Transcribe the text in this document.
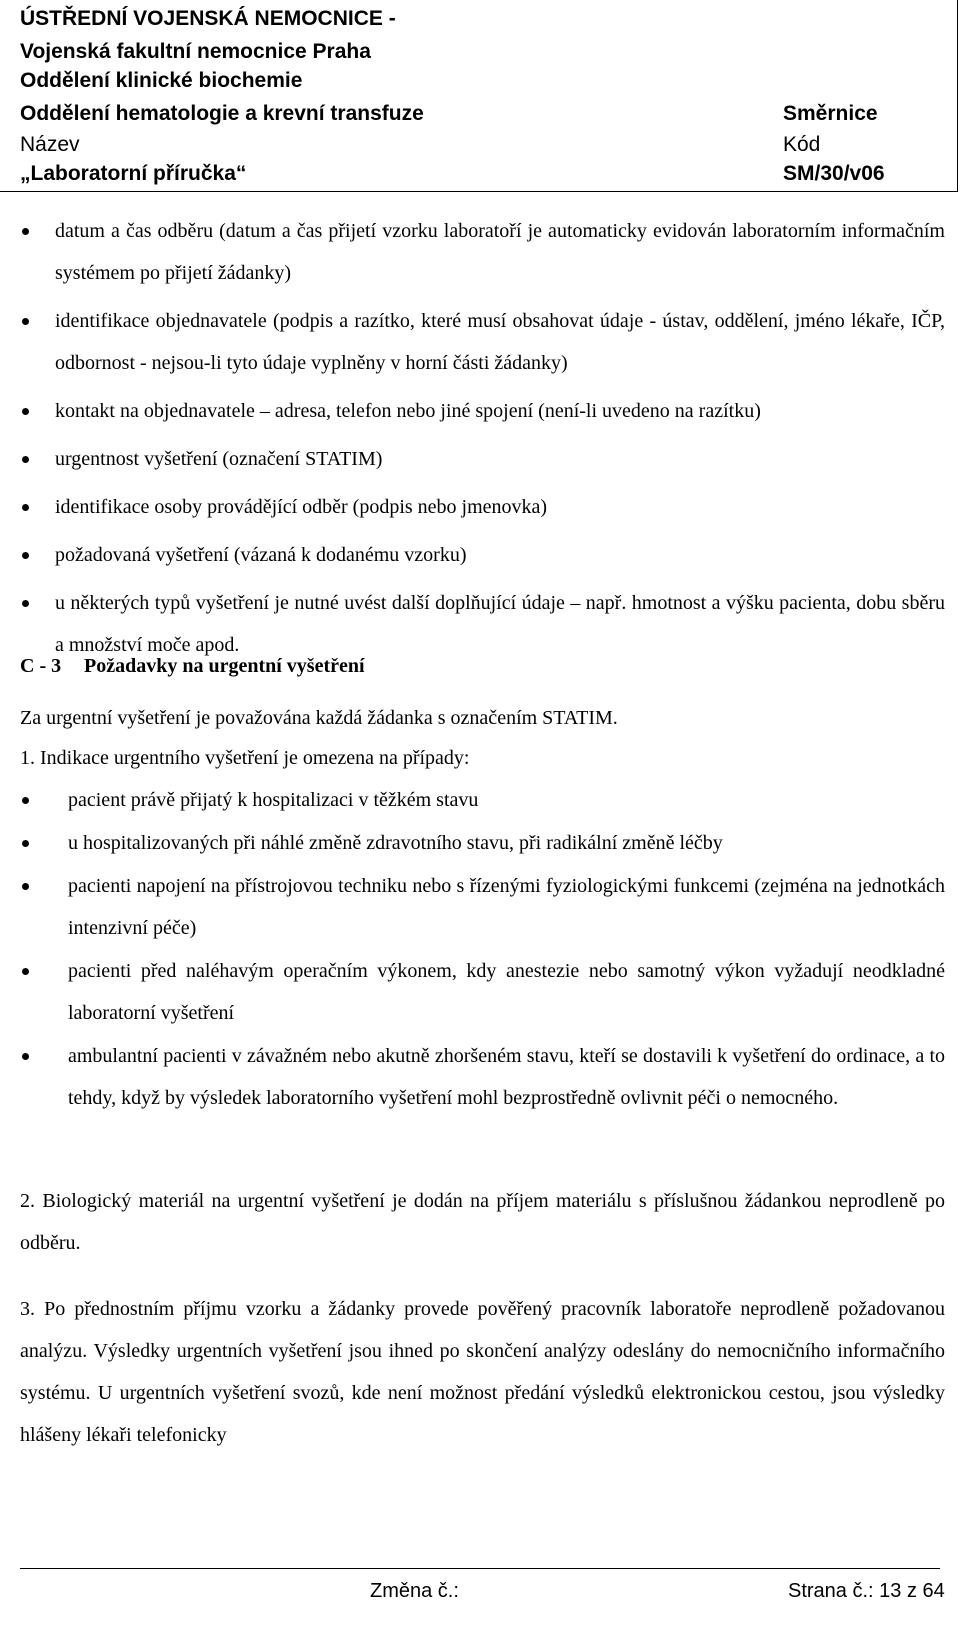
ÚSTŘEDNÍ VOJENSKÁ NEMOCNICE -
Vojenská fakultní nemocnice Praha
Oddělení klinické biochemie
Oddělení hematologie a krevní transfuze	Směrnice
Název	Kód
„Laboratorní příručka“	SM/30/v06
datum a čas odběru (datum a čas přijetí vzorku laboratoří je automaticky evidován laboratorním informačním systémem po přijetí žádanky)
identifikace objednavatele (podpis a razítko, které musí obsahovat údaje - ústav, oddělení, jméno lékaře, IČP, odbornost - nejsou-li tyto údaje vyplněny v horní části žádanky)
kontakt na objednavatele – adresa, telefon nebo jiné spojení (není-li uvedeno na razítku)
urgentnost vyšetření (označení STATIM)
identifikace osoby provádějící odběr (podpis nebo jmenovka)
požadovaná vyšetření (vázaná k dodanému vzorku)
u některých typů vyšetření je nutné uvést další doplňující údaje – např. hmotnost a výšku pacienta, dobu sběru a množství moče apod.
C - 3 Požadavky na urgentní vyšetření
Za urgentní vyšetření je považována každá žádanka s označením STATIM.
1. Indikace urgentního vyšetření je omezena na případy:
pacient právě přijatý k hospitalizaci v těžkém stavu
u hospitalizovaných při náhlé změně zdravotního stavu, při radikální změně léčby
pacienti napojení na přístrojovou techniku nebo s řízenými fyziologickými funkcemi (zejména na jednotkách intenzivní péče)
pacienti před naléhavým operačním výkonem, kdy anestezie nebo samotný výkon vyžadují neodkladné laboratorní vyšetření
ambulantní pacienti v závažném nebo akutně zhoršeném stavu, kteří se dostavili k vyšetření do ordinace, a to tehdy, když by výsledek laboratorního vyšetření mohl bezprostředně ovlivnit péči o nemocného.
2. Biologický materiál na urgentní vyšetření je dodán na příjem materiálu s příslušnou žádankou neprodleně po odběru.
3. Po přednostním příjmu vzorku a žádanky provede pověřený pracovník laboratoře neprodleně požadovanou analýzu. Výsledky urgentních vyšetření jsou ihned po skončení analýzy odeslány do nemocničního informačního systému. U urgentních vyšetření svozů, kde není možnost předání výsledků elektronickou cestou, jsou výsledky hlášeny lékaři telefonicky
Změna č.:	Strana č.: 13 z 64
